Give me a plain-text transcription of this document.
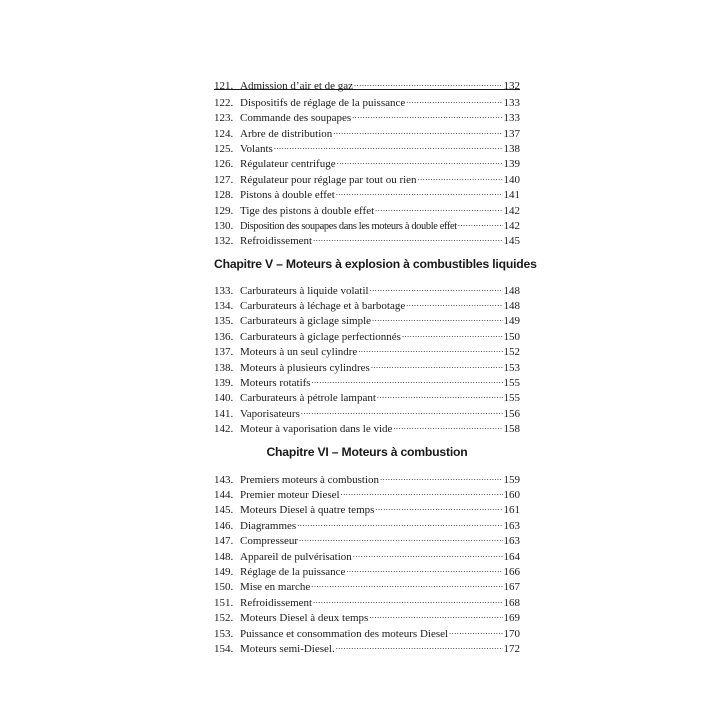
121. Admission d’air et de gaz .....	132
122. Dispositifs de réglage de la puissance .....	133
123. Commande des soupapes .....	133
124. Arbre de distribution .....	137
125. Volants .....	138
126. Régulateur centrifuge .....	139
127. Régulateur pour réglage par tout ou rien .....	140
128. Pistons à double effet .....	141
129. Tige des pistons à double effet .....	142
130. Disposition des soupapes dans les moteurs à double effet .....	142
132. Refroidissement .....	145
Chapitre V – Moteurs à explosion à combustibles liquides
133. Carburateurs à liquide volatil .....	148
134. Carburateurs à léchage et à barbotage .....	148
135. Carburateurs à giclage simple .....	149
136. Carburateurs à giclage perfectionnés .....	150
137. Moteurs à un seul cylindre .....	152
138. Moteurs à plusieurs cylindres .....	153
139. Moteurs rotatifs .....	155
140. Carburateurs à pétrole lampant .....	155
141. Vaporisateurs .....	156
142. Moteur à vaporisation dans le vide .....	158
Chapitre VI – Moteurs à combustion
143. Premiers moteurs à combustion .....	159
144. Premier moteur Diesel .....	160
145. Moteurs Diesel à quatre temps .....	161
146. Diagrammes .....	163
147. Compresseur .....	163
148. Appareil de pulvérisation .....	164
149. Réglage de la puissance .....	166
150. Mise en marche .....	167
151. Refroidissement .....	168
152. Moteurs Diesel à deux temps .....	169
153. Puissance et consommation des moteurs Diesel .....	170
154. Moteurs semi-Diesel. .....	172
